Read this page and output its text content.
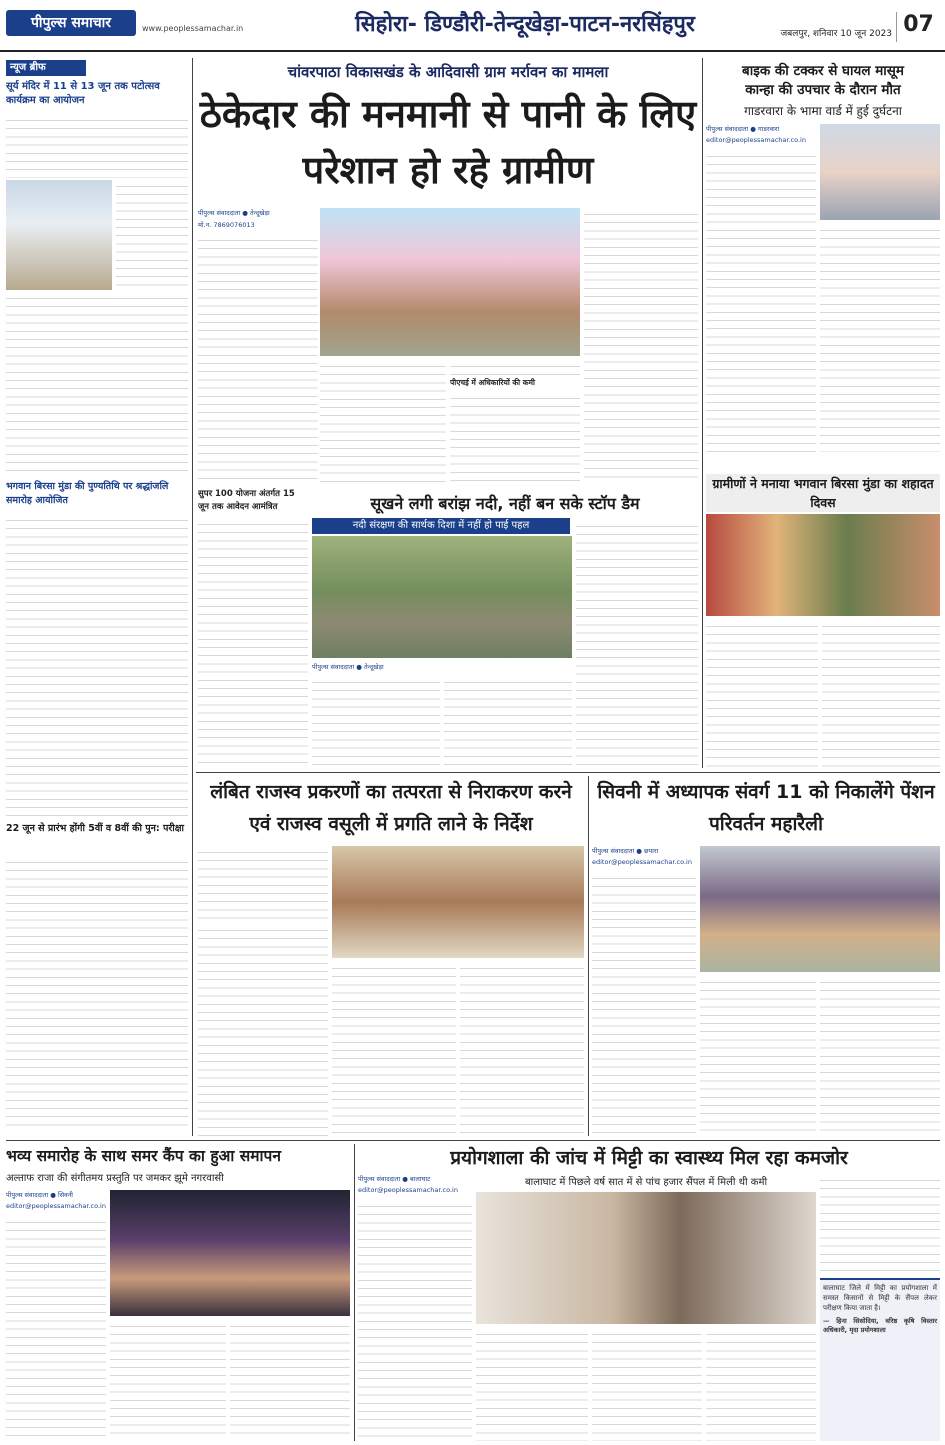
पीपुल्स समाचार	www.peoplessamachar.in	सिहोरा- डिण्डौरी-तेन्दूखेड़ा-पाटन-नरसिंहपुर	जबलपुर, शनिवार 10 जून 2023 07
न्यूज ब्रीफ
सूर्य मंदिर में 11 से 13 जून तक पटोत्सव कार्यक्रम का आयोजन
भगवान बिरसा मुंडा की पुण्यतिथि पर श्रद्धांजलि समारोह आयोजित
22 जून से प्रारंभ होंगी 5वीं व 8वीं की पुन: परीक्षा
चांवरपाठा विकासखंड के आदिवासी ग्राम मर्रावन का मामला
ठेकेदार की मनमानी से पानी के लिए परेशान हो रहे ग्रामीण
पीपुल्स संवाददाता ● तेन्दूखेड़ा
मो.न. 7869076013
पीएचई में अधिकारियों की कमी
सुपर 100 योजना अंतर्गत 15 जून तक आवेदन आमंत्रित	सूखने लगी बरांझ नदी, नहीं बन सके स्टॉप डैम
नदी संरक्षण की सार्थक दिशा में नहीं हो पाई पहल
पीपुल्स संवाददाता ● तेन्दूखेड़ा
बाइक की टक्कर से घायल मासूम
कान्हा की उपचार के दौरान मौत
गाडरवारा के भामा वार्ड में हुई दुर्घटना
पीपुल्स संवाददाता ● गाडरवारा
editor@peoplessamachar.co.in
ग्रामीणों ने मनाया भगवान बिरसा मुंडा का शहादत दिवस
लंबित राजस्व प्रकरणों का तत्परता से निराकरण करने एवं राजस्व वसूली में प्रगति लाने के निर्देश
सिवनी में अध्यापक संवर्ग 11 को निकालेंगे पेंशन परिवर्तन महारैली
पीपुल्स संवाददाता ● छपारा
editor@peoplessamachar.co.in
भव्य समारोह के साथ समर कैंप का हुआ समापन
अल्ताफ राजा की संगीतमय प्रस्तुति पर जमकर झूमे नगरवासी
पीपुल्स संवाददाता ● सिवनी
editor@peoplessamachar.co.in
प्रयोगशाला की जांच में मिट्टी का स्वास्थ्य मिल रहा कमजोर
पीपुल्स संवाददाता ● बालाघाट
editor@peoplessamachar.co.in
बालाघाट में पिछले वर्ष सात में से पांच हजार सैंपल में मिली थी कमी
बालाघाट जिले में मिट्टी का प्रयोगशाला में समस्त किसानों से मिट्टी के सैंपल लेकर परीक्षण किया जाता है।
— हिना सिसोदिया, वरिष्ठ कृषि विस्तार अधिकारी, मृदा प्रयोगशाला
